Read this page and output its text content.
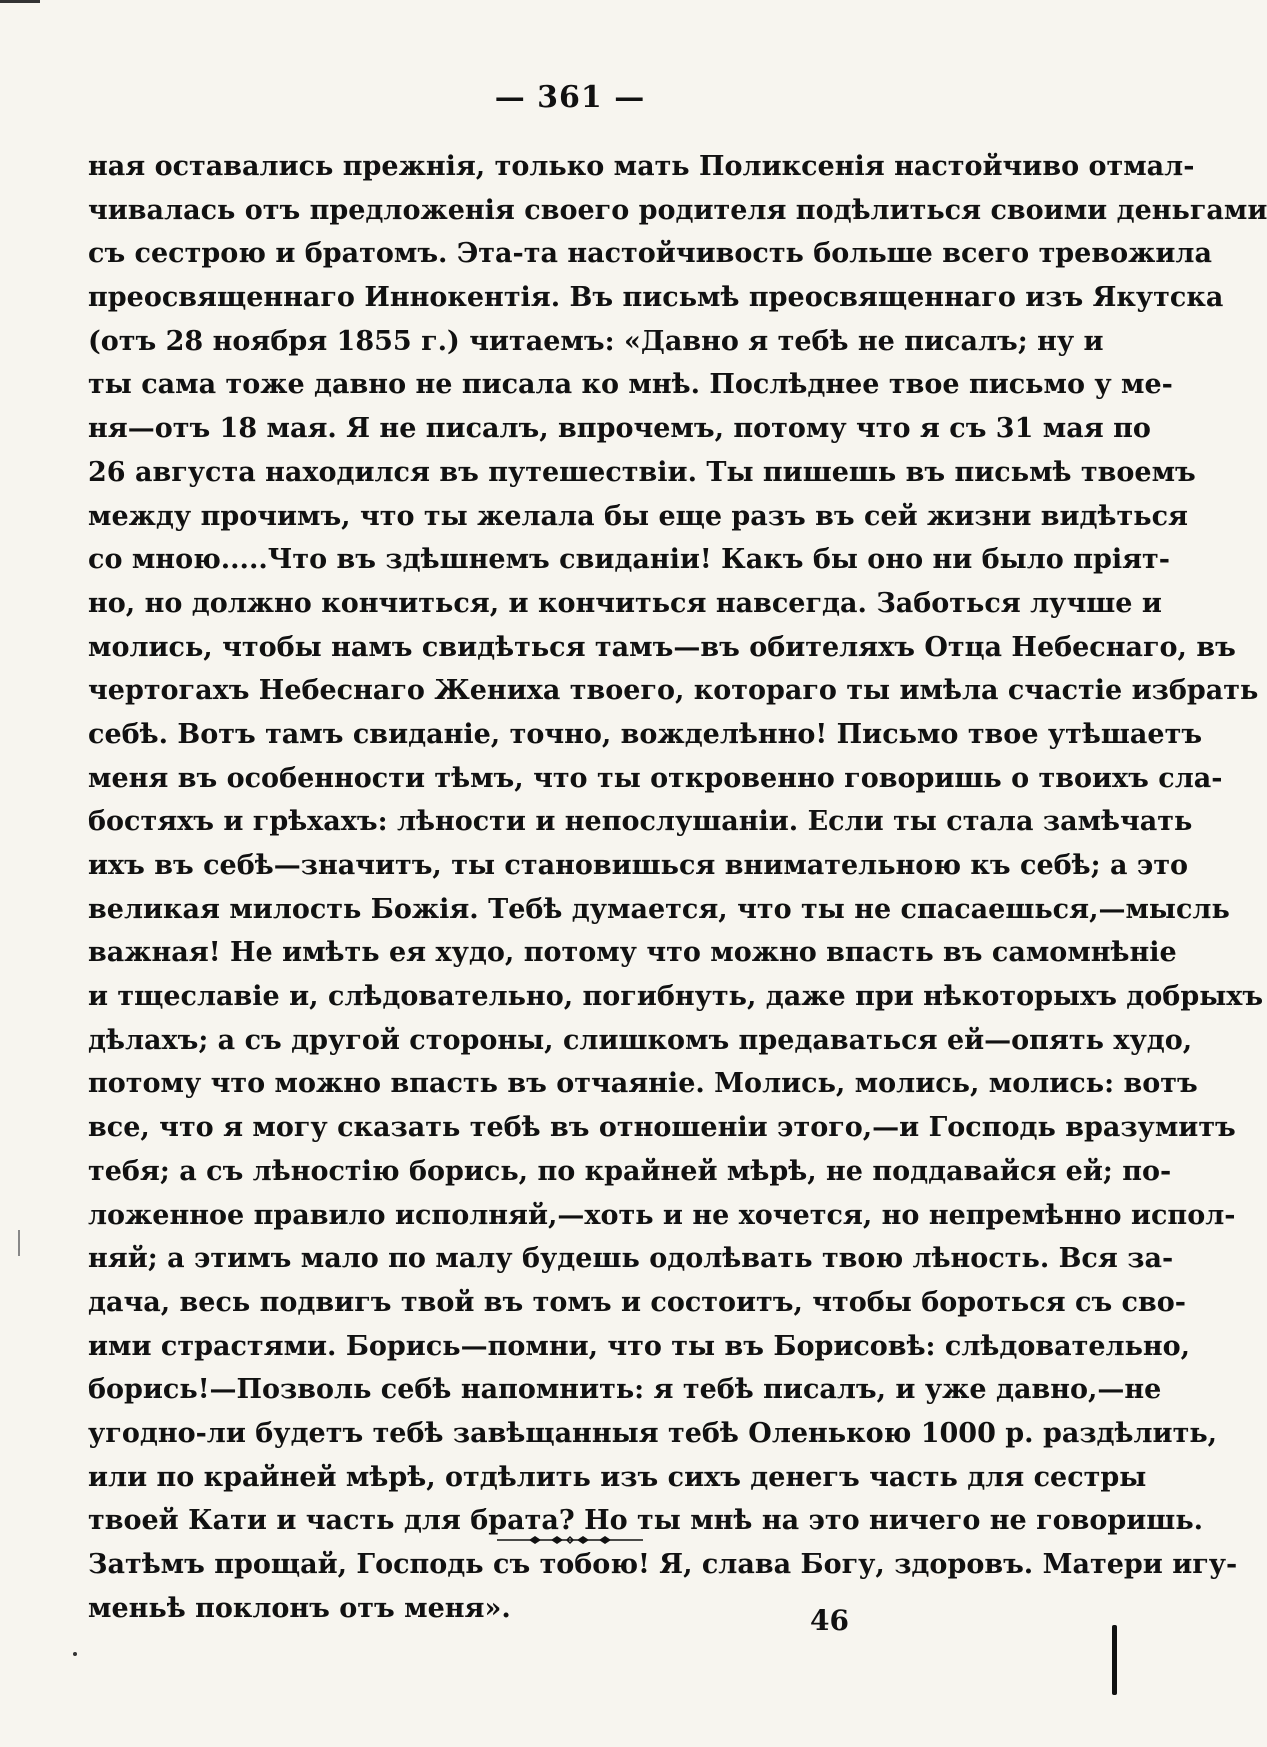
— 361 —
ная оставались прежнія, только мать Поликсенія настойчиво отмал-
чивалась отъ предложенія своего родителя подѣлиться своими деньгами
съ сестрою и братомъ. Эта-та настойчивость больше всего тревожила
преосвященнаго Иннокентія. Въ письмѣ преосвященнаго изъ Якутска
(отъ 28 ноября 1855 г.) читаемъ: «Давно я тебѣ не писалъ; ну и
ты сама тоже давно не писала ко мнѣ. Послѣднее твое письмо у ме-
ня—отъ 18 мая. Я не писалъ, впрочемъ, потому что я съ 31 мая по
26 августа находился въ путешествіи. Ты пишешь въ письмѣ твоемъ
между прочимъ, что ты желала бы еще разъ въ сей жизни видѣться
со мною.....Что въ здѣшнемъ свиданіи! Какъ бы оно ни было пріят-
но, но должно кончиться, и кончиться навсегда. Заботься лучше и
молись, чтобы намъ свидѣться тамъ—въ обителяхъ Отца Небеснаго, въ
чертогахъ Небеснаго Жениха твоего, котораго ты имѣла счастіе избрать
себѣ. Вотъ тамъ свиданіе, точно, вожделѣнно! Письмо твое утѣшаетъ
меня въ особенности тѣмъ, что ты откровенно говоришь о твоихъ сла-
бостяхъ и грѣхахъ: лѣности и непослушаніи. Если ты стала замѣчать
ихъ въ себѣ—значитъ, ты становишься внимательною къ себѣ; а это
великая милость Божія. Тебѣ думается, что ты не спасаешься,—мысль
важная! Не имѣть ея худо, потому что можно впасть въ самомнѣніе
и тщеславіе и, слѣдовательно, погибнуть, даже при нѣкоторыхъ добрыхъ
дѣлахъ; а съ другой стороны, слишкомъ предаваться ей—опять худо,
потому что можно впасть въ отчаяніе. Молись, молись, молись: вотъ
все, что я могу сказать тебѣ въ отношеніи этого,—и Господь вразумитъ
тебя; а съ лѣностію борись, по крайней мѣрѣ, не поддавайся ей; по-
ложенное правило исполняй,—хоть и не хочется, но непремѣнно испол-
няй; а этимъ мало по малу будешь одолѣвать твою лѣность. Вся за-
дача, весь подвигъ твой въ томъ и состоитъ, чтобы бороться съ сво-
ими страстями. Борись—помни, что ты въ Борисовѣ: слѣдовательно,
борись!—Позволь себѣ напомнить: я тебѣ писалъ, и уже давно,—не
угодно-ли будетъ тебѣ завѣщанныя тебѣ Оленькою 1000 р. раздѣлить,
или по крайней мѣрѣ, отдѣлить изъ сихъ денегъ часть для сестры
твоей Кати и часть для брата? Но ты мнѣ на это ничего не говоришь.
Затѣмъ прощай, Господь съ тобою! Я, слава Богу, здоровъ. Матери игу-
меньѣ поклонъ отъ меня».	46
